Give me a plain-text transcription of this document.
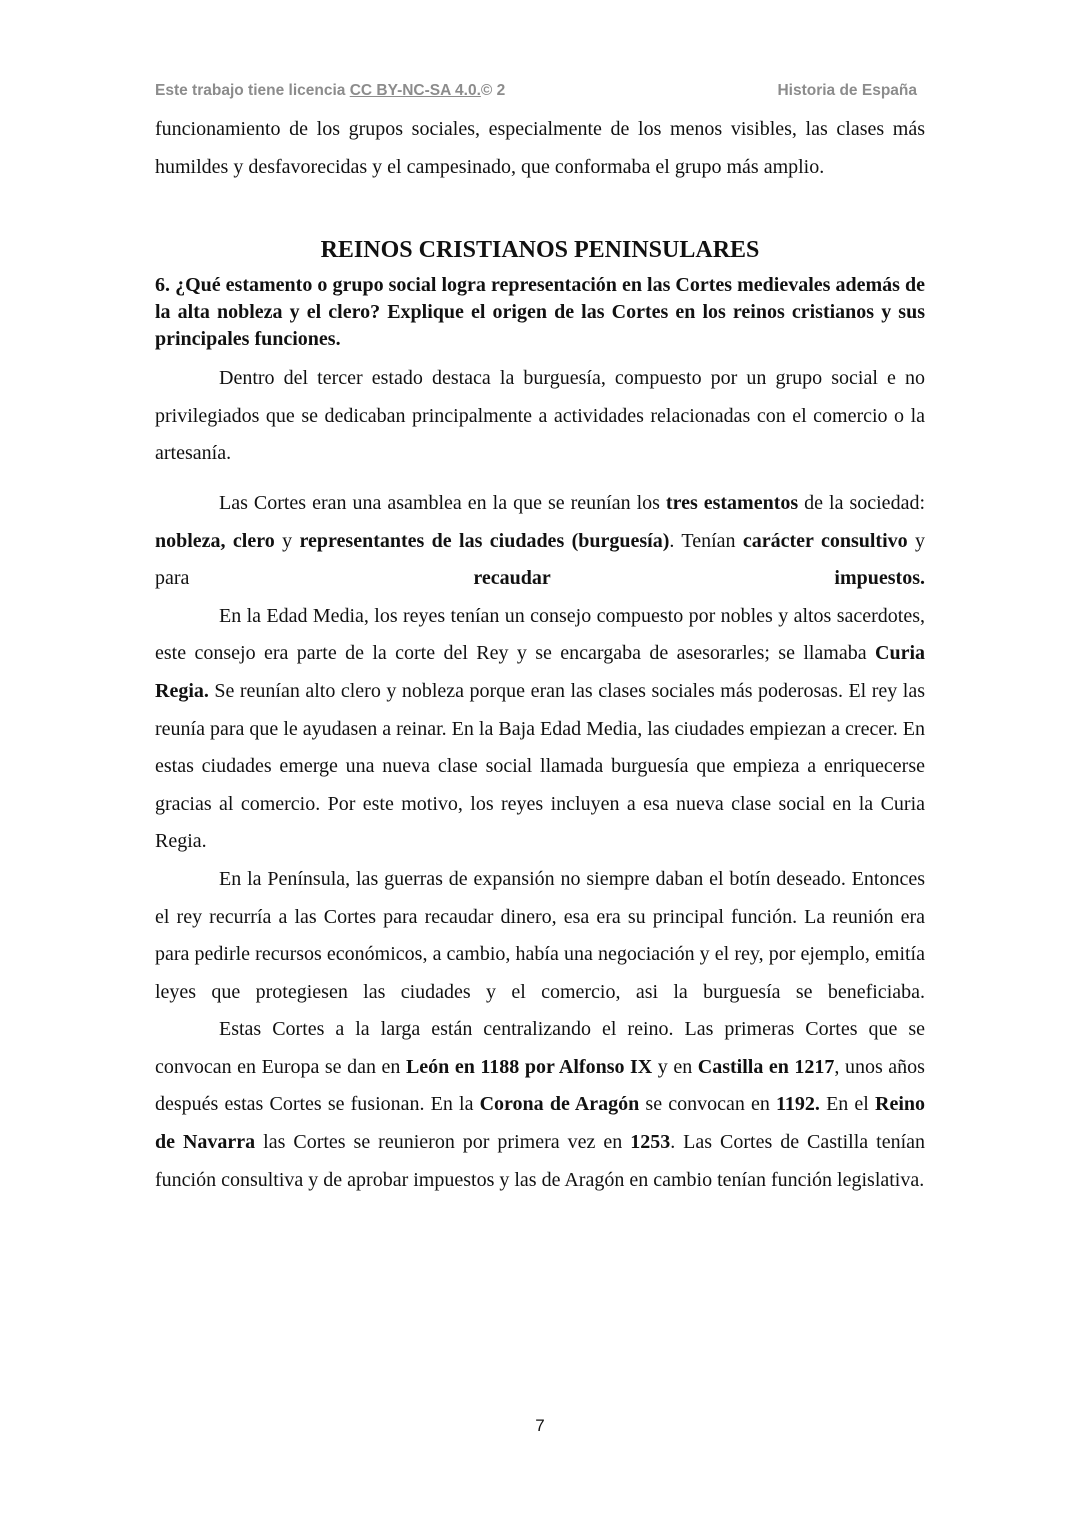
Este trabajo tiene licencia CC BY-NC-SA 4.0.© 2	Historia de España

funcionamiento de los grupos sociales, especialmente de los menos visibles, las clases más humildes y desfavorecidas y el campesinado, que conformaba el grupo más amplio.

REINOS CRISTIANOS PENINSULARES

6. ¿Qué estamento o grupo social logra representación en las Cortes medievales además de la alta nobleza y el clero? Explique el origen de las Cortes en los reinos cristianos y sus principales funciones.

Dentro del tercer estado destaca la burguesía, compuesto por un grupo social e no privilegiados que se dedicaban principalmente a actividades relacionadas con el comercio o la artesanía.

Las Cortes eran una asamblea en la que se reunían los tres estamentos de la sociedad: nobleza, clero y representantes de las ciudades (burguesía). Tenían carácter consultivo y para recaudar impuestos.

En la Edad Media, los reyes tenían un consejo compuesto por nobles y altos sacerdotes, este consejo era parte de la corte del Rey y se encargaba de asesorarles; se llamaba Curia Regia. Se reunían alto clero y nobleza porque eran las clases sociales más poderosas. El rey las reunía para que le ayudasen a reinar. En la Baja Edad Media, las ciudades empiezan a crecer. En estas ciudades emerge una nueva clase social llamada burguesía que empieza a enriquecerse gracias al comercio. Por este motivo, los reyes incluyen a esa nueva clase social en la Curia Regia.

En la Península, las guerras de expansión no siempre daban el botín deseado. Entonces el rey recurría a las Cortes para recaudar dinero, esa era su principal función. La reunión era para pedirle recursos económicos, a cambio, había una negociación y el rey, por ejemplo, emitía leyes que protegiesen las ciudades y el comercio, asi la burguesía se beneficiaba.

Estas Cortes a la larga están centralizando el reino. Las primeras Cortes que se convocan en Europa se dan en León en 1188 por Alfonso IX y en Castilla en 1217, unos años después estas Cortes se fusionan. En la Corona de Aragón se convocan en 1192. En el Reino de Navarra las Cortes se reunieron por primera vez en 1253. Las Cortes de Castilla tenían función consultiva y de aprobar impuestos y las de Aragón en cambio tenían función legislativa.

7
